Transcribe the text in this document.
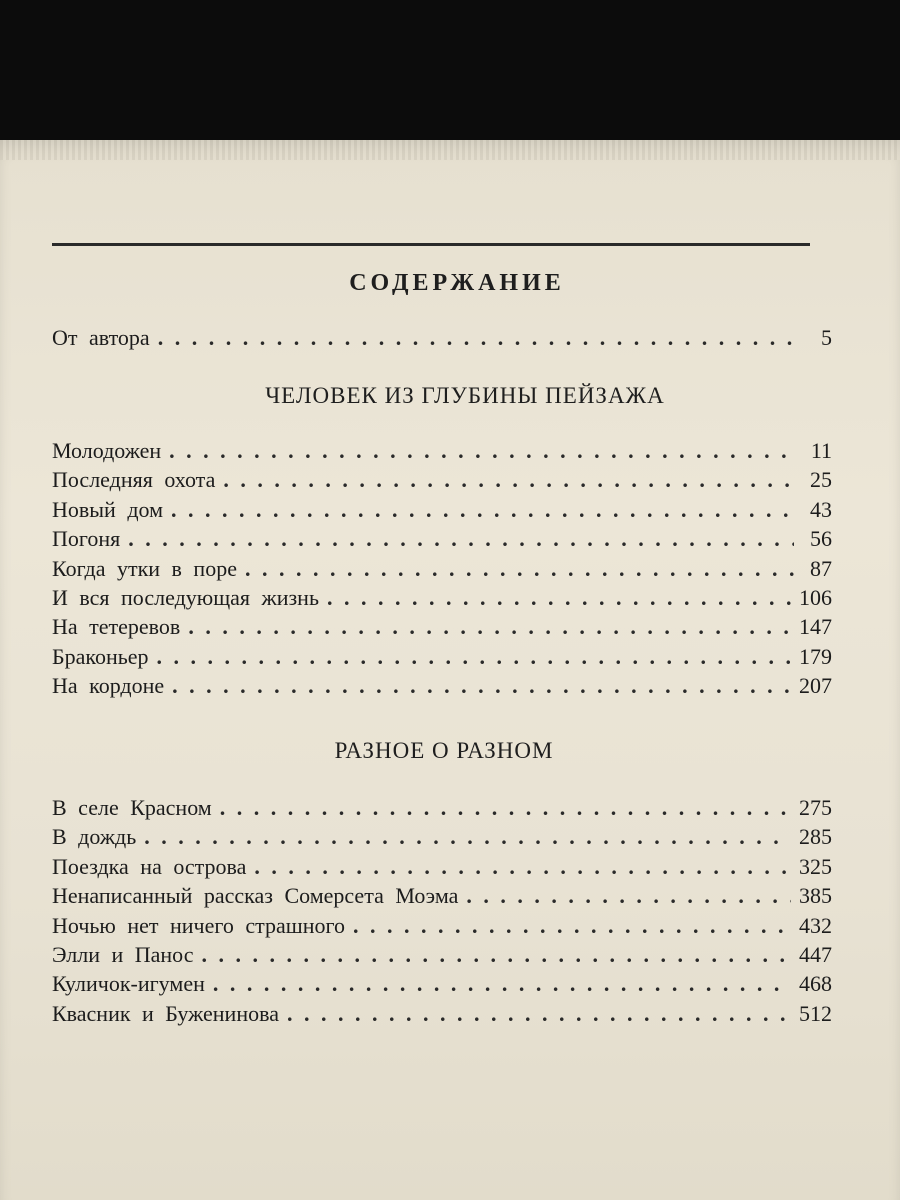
СОДЕРЖАНИЕ
От автора . . .	5
ЧЕЛОВЕК ИЗ ГЛУБИНЫ ПЕЙЗАЖА
Молодожен . . .	11
Последняя охота . . .	25
Новый дом . . .	43
Погоня . . .	56
Когда утки в поре . . .	87
И вся последующая жизнь . . .	106
На тетеревов . . .	147
Браконьер . . .	179
На кордоне . . .	207
РАЗНОЕ О РАЗНОМ
В селе Красном . . .	275
В дождь . . .	285
Поездка на острова . . .	325
Ненаписанный рассказ Сомерсета Моэма . . .	385
Ночью нет ничего страшного . . .	432
Элли и Панос . . .	447
Куличок-игумен . . .	468
Квасник и Буженинова . . .	512
